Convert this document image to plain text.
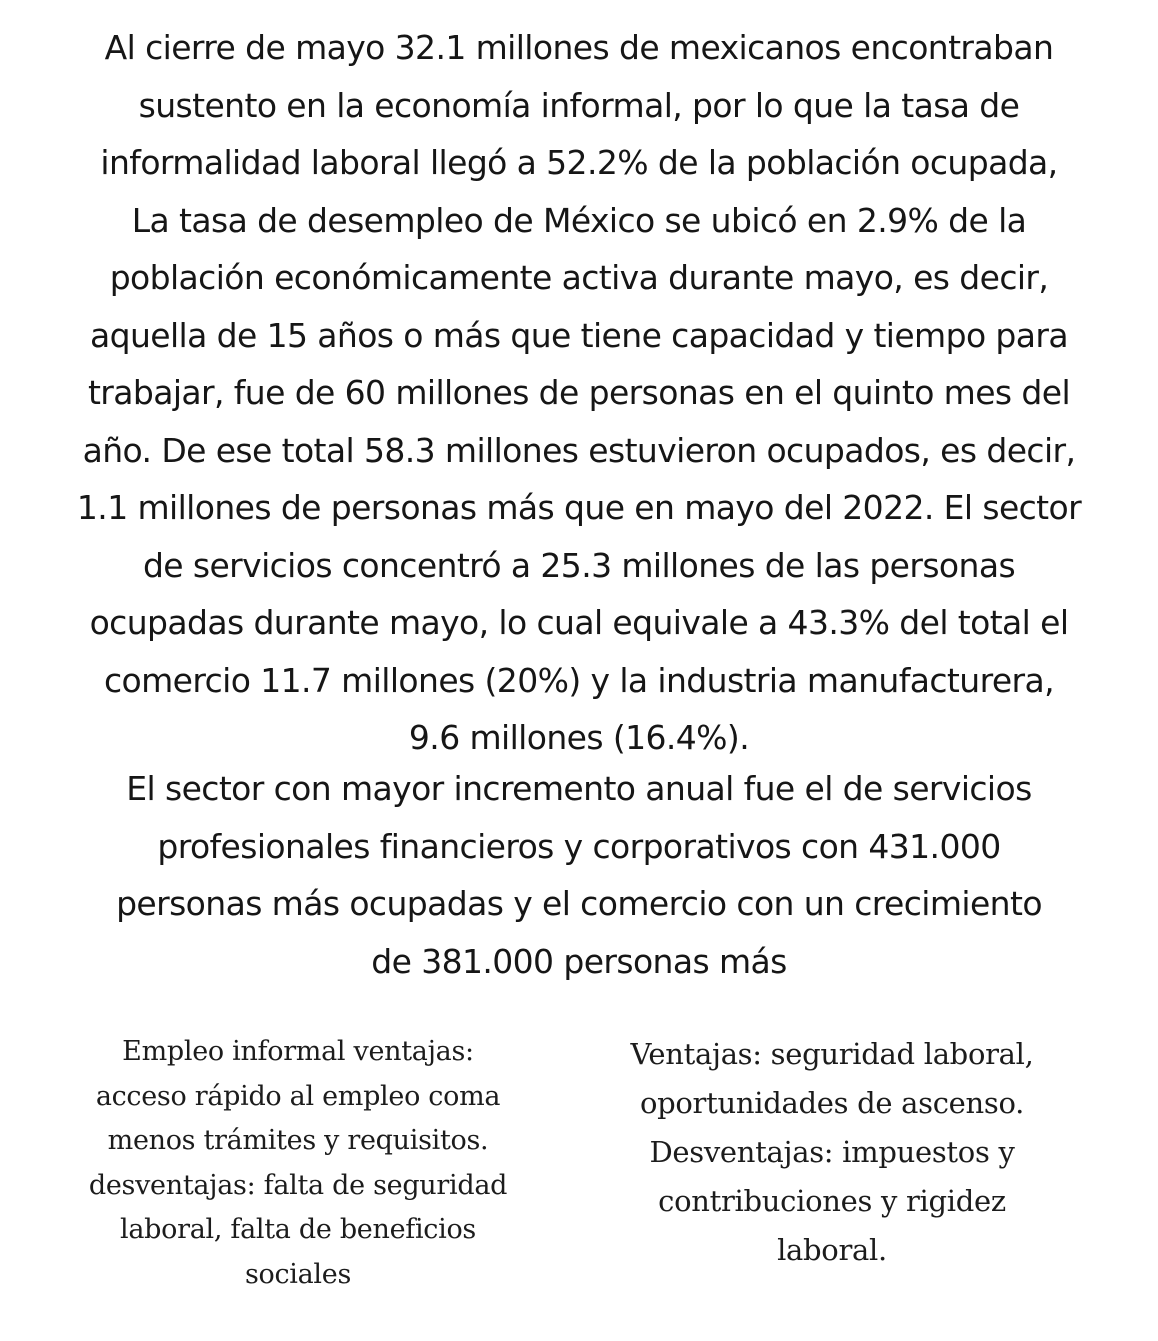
Al cierre de mayo 32.1 millones de mexicanos encontraban
sustento en la economía informal, por lo que la tasa de
informalidad laboral llegó a 52.2% de la población ocupada,
La tasa de desempleo de México se ubicó en 2.9% de la
población económicamente activa durante mayo, es decir,
aquella de 15 años o más que tiene capacidad y tiempo para
trabajar, fue de 60 millones de personas en el quinto mes del
año. De ese total 58.3 millones estuvieron ocupados, es decir,
1.1 millones de personas más que en mayo del 2022. El sector
de servicios concentró a 25.3 millones de las personas
ocupadas durante mayo, lo cual equivale a 43.3% del total el
comercio 11.7 millones (20%) y la industria manufacturera,
9.6 millones (16.4%).

El sector con mayor incremento anual fue el de servicios
profesionales financieros y corporativos con 431.000
personas más ocupadas y el comercio con un crecimiento
de 381.000 personas más

Empleo informal ventajas:
acceso rápido al empleo coma
menos trámites y requisitos.
desventajas: falta de seguridad
laboral, falta de beneficios
sociales
Ventajas: seguridad laboral,
oportunidades de ascenso.
Desventajas: impuestos y
contribuciones y rigidez
laboral.
